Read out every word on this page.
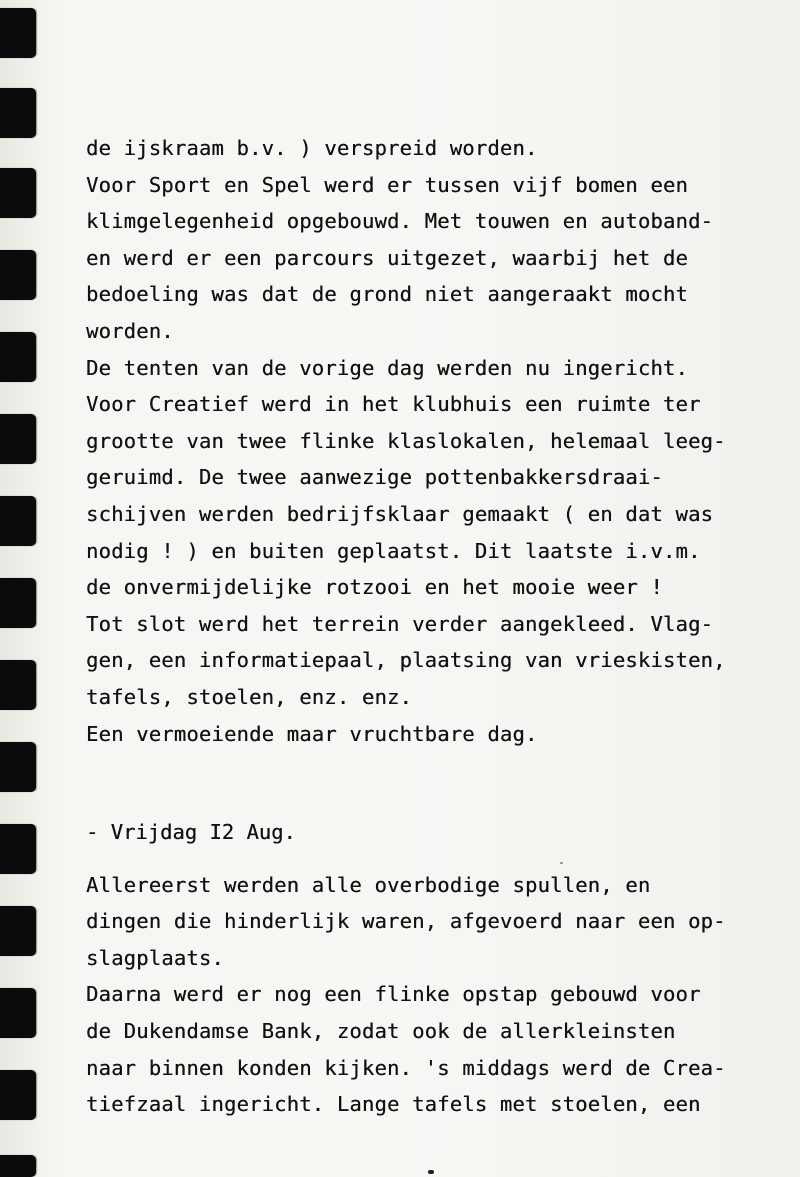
de ijskraam b.v. ) verspreid worden.
Voor Sport en Spel werd er tussen vijf bomen een
klimgelegenheid opgebouwd. Met touwen en autoband-
en werd er een parcours uitgezet, waarbij het de
bedoeling was dat de grond niet aangeraakt mocht
worden.
De tenten van de vorige dag werden nu ingericht.
Voor Creatief werd in het klubhuis een ruimte ter
grootte van twee flinke klaslokalen, helemaal leeg-
geruimd. De twee aanwezige pottenbakkersdraai-
schijven werden bedrijfsklaar gemaakt ( en dat was
nodig ! ) en buiten geplaatst. Dit laatste i.v.m.
de onvermijdelijke rotzooi en het mooie weer !
Tot slot werd het terrein verder aangekleed. Vlag-
gen, een informatiepaal, plaatsing van vrieskisten,
tafels, stoelen, enz. enz.
Een vermoeiende maar vruchtbare dag.
- Vrijdag I2 Aug.
Allereerst werden alle overbodige spullen, en
dingen die hinderlijk waren, afgevoerd naar een op-
slagplaats.
Daarna werd er nog een flinke opstap gebouwd voor
de Dukendamse Bank, zodat ook de allerkleinsten
naar binnen konden kijken. 's middags werd de Crea-
tiefzaal ingericht. Lange tafels met stoelen, een
